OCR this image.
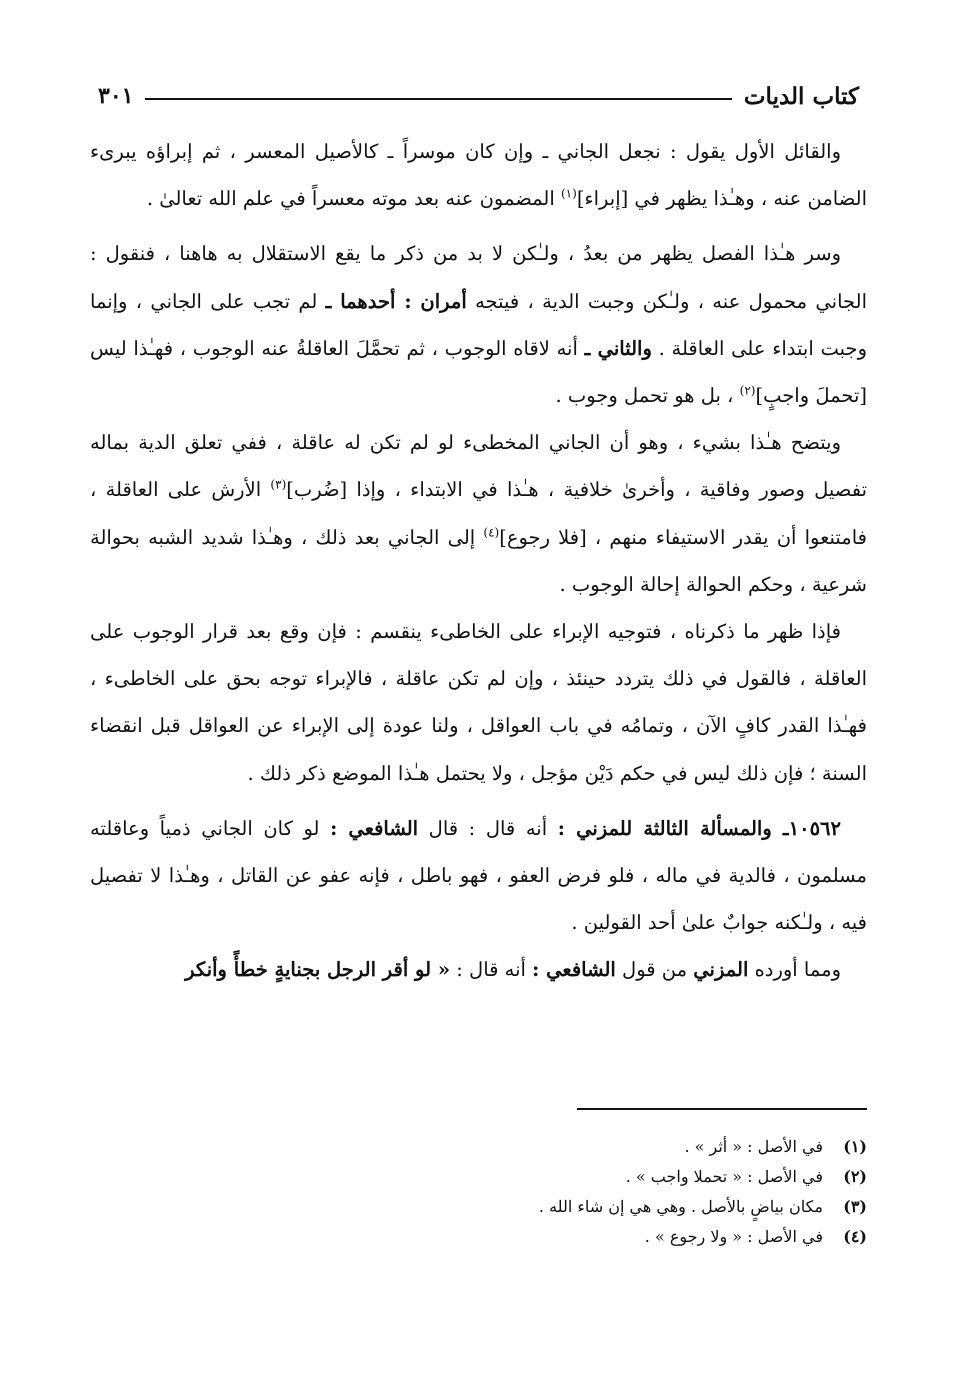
كتاب الديات
٣٠١

والقائل الأول يقول : نجعل الجاني ـ وإن كان موسراً ـ كالأصيل المعسر ، ثم إبراؤه يبرىء الضامن عنه ، وهـٰذا يظهر في [إبراء]$^{(١)}$ المضمون عنه بعد موته معسراً في علم الله تعالىٰ .

وسر هـٰذا الفصل يظهر من بعدُ ، ولـٰكن لا بد من ذكر ما يقع الاستقلال به هاهنا ، فنقول : الجاني محمول عنه ، ولـٰكن وجبت الدية ، فيتجه أمران : أحدهما ـ لم تجب على الجاني ، وإنما وجبت ابتداء على العاقلة . والثاني ـ أنه لاقاه الوجوب ، ثم تحمَّلَ العاقلةُ عنه الوجوب ، فهـٰذا ليس [تحملَ واجبٍ]$^{(٢)}$ ، بل هو تحمل وجوب .

ويتضح هـٰذا بشيء ، وهو أن الجاني المخطىء لو لم تكن له عاقلة ، ففي تعلق الدية بماله تفصيل وصور وفاقية ، وأخرىٰ خلافية ، هـٰذا في الابتداء ، وإذا [ضُرب]$^{(٣)}$ الأرش على العاقلة ، فامتنعوا أن يقدر الاستيفاء منهم ، [فلا رجوع]$^{(٤)}$ إلى الجاني بعد ذلك ، وهـٰذا شديد الشبه بحوالة شرعية ، وحكم الحوالة إحالة الوجوب .

فإذا ظهر ما ذكرناه ، فتوجيه الإبراء على الخاطىء ينقسم : فإن وقع بعد قرار الوجوب على العاقلة ، فالقول في ذلك يتردد حينئذ ، وإن لم تكن عاقلة ، فالإبراء توجه بحق على الخاطىء ، فهـٰذا القدر كافٍ الآن ، وتمامُه في باب العواقل ، ولنا عودة إلى الإبراء عن العواقل قبل انقضاء السنة ؛ فإن ذلك ليس في حكم دَيْن مؤجل ، ولا يحتمل هـٰذا الموضع ذكر ذلك .

١٠٥٦٢ـ والمسألة الثالثة للمزني : أنه قال : قال الشافعي : لو كان الجاني ذمياً وعاقلته مسلمون ، فالدية في ماله ، فلو فرض العفو ، فهو باطل ، فإنه عفو عن القاتل ، وهـٰذا لا تفصيل فيه ، ولـٰكنه جوابٌ علىٰ أحد القولين .

ومما أورده المزني من قول الشافعي : أنه قال : « لو أقر الرجل بجنايةٍ خطأً وأنكر

(١)
في الأصل : « أثر » .
(٢)
في الأصل : « تحملا واجب » .
(٣)
مكان بياضٍ بالأصل . وهي هي إن شاء الله .
(٤)
في الأصل : « ولا رجوع » .
